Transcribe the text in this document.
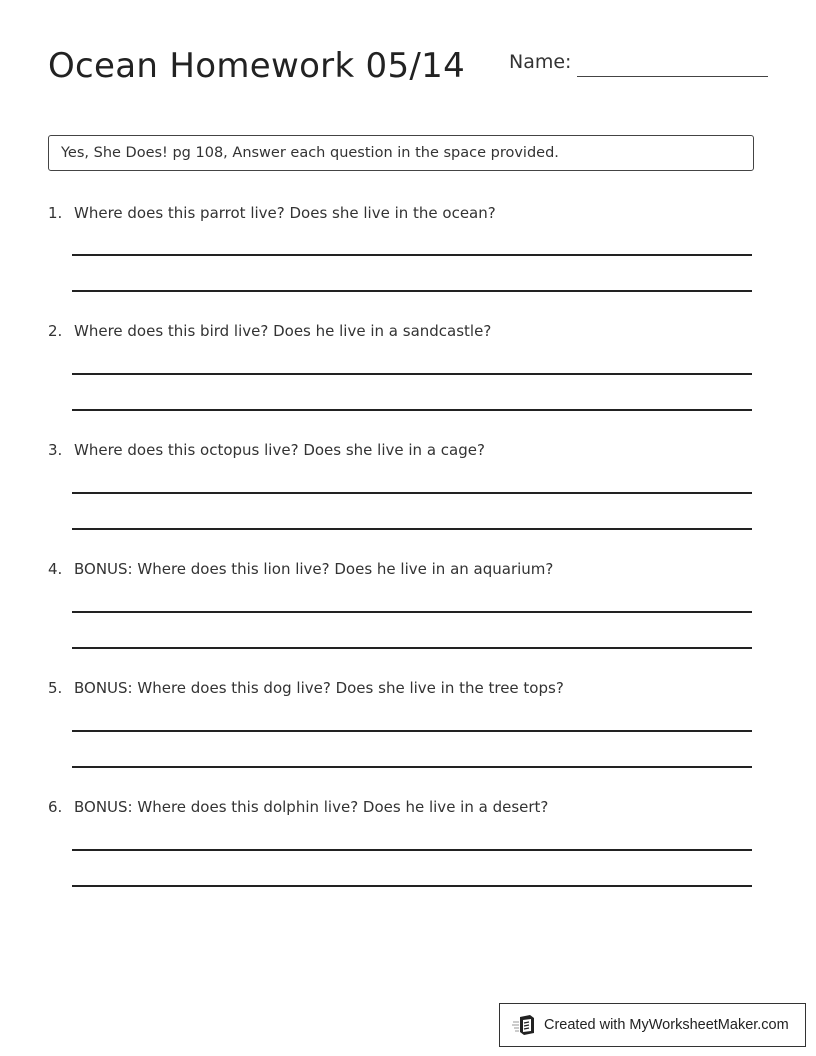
Ocean Homework 05/14 Name:
Yes, She Does! pg 108, Answer each question in the space provided.
1. Where does this parrot live? Does she live in the ocean?
2. Where does this bird live? Does he live in a sandcastle?
3. Where does this octopus live? Does she live in a cage?
4. BONUS: Where does this lion live? Does he live in an aquarium?
5. BONUS: Where does this dog live? Does she live in the tree tops?
6. BONUS: Where does this dolphin live? Does he live in a desert?
Created with MyWorksheetMaker.com
